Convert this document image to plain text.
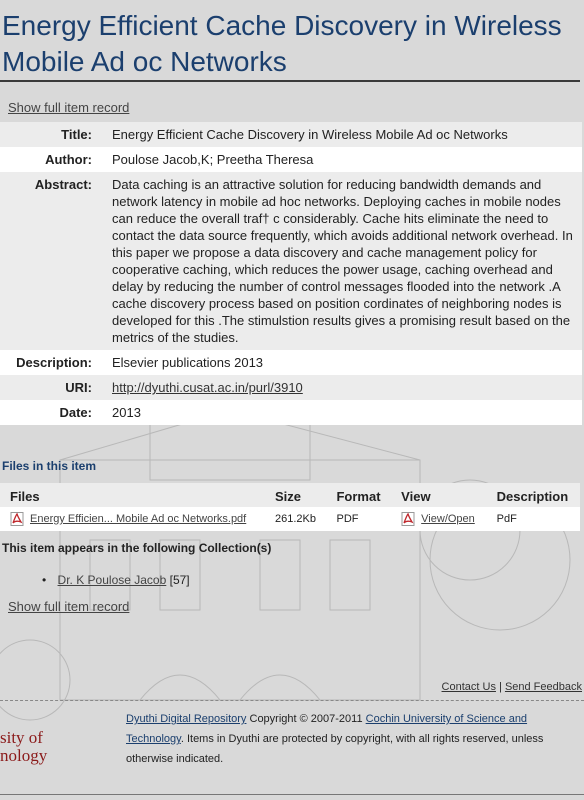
Energy Efficient Cache Discovery in Wireless Mobile Ad oc Networks
Show full item record
Title:	Energy Efficient Cache Discovery in Wireless Mobile Ad oc Networks
Author:	Poulose Jacob,K; Preetha Theresa
Abstract:	Data caching is an attractive solution for reducing bandwidth demands and network latency in mobile ad hoc networks. Deploying caches in mobile nodes can reduce the overall traf† c considerably. Cache hits eliminate the need to contact the data source frequently, which avoids additional network overhead. In this paper we propose a data discovery and cache management policy for cooperative caching, which reduces the power usage, caching overhead and delay by reducing the number of control messages flooded into the network .A cache discovery process based on position cordinates of neighboring nodes is developed for this .The stimulstion results gives a promising result based on the metrics of the studies.
Description:	Elsevier publications 2013
URI:	http://dyuthi.cusat.ac.in/purl/3910
Date:	2013
Files in this item
Files	Size	Format	View	Description
Energy Efficien... Mobile Ad oc Networks.pdf	261.2Kb	PDF	View/Open	PdF
This item appears in the following Collection(s)
• Dr. K Poulose Jacob [57]
Show full item record
Contact Us | Send Feedback
sity of
nology
Dyuthi Digital Repository Copyright © 2007-2011 Cochin University of Science and Technology. Items in Dyuthi are protected by copyright, with all rights reserved, unless otherwise indicated.
